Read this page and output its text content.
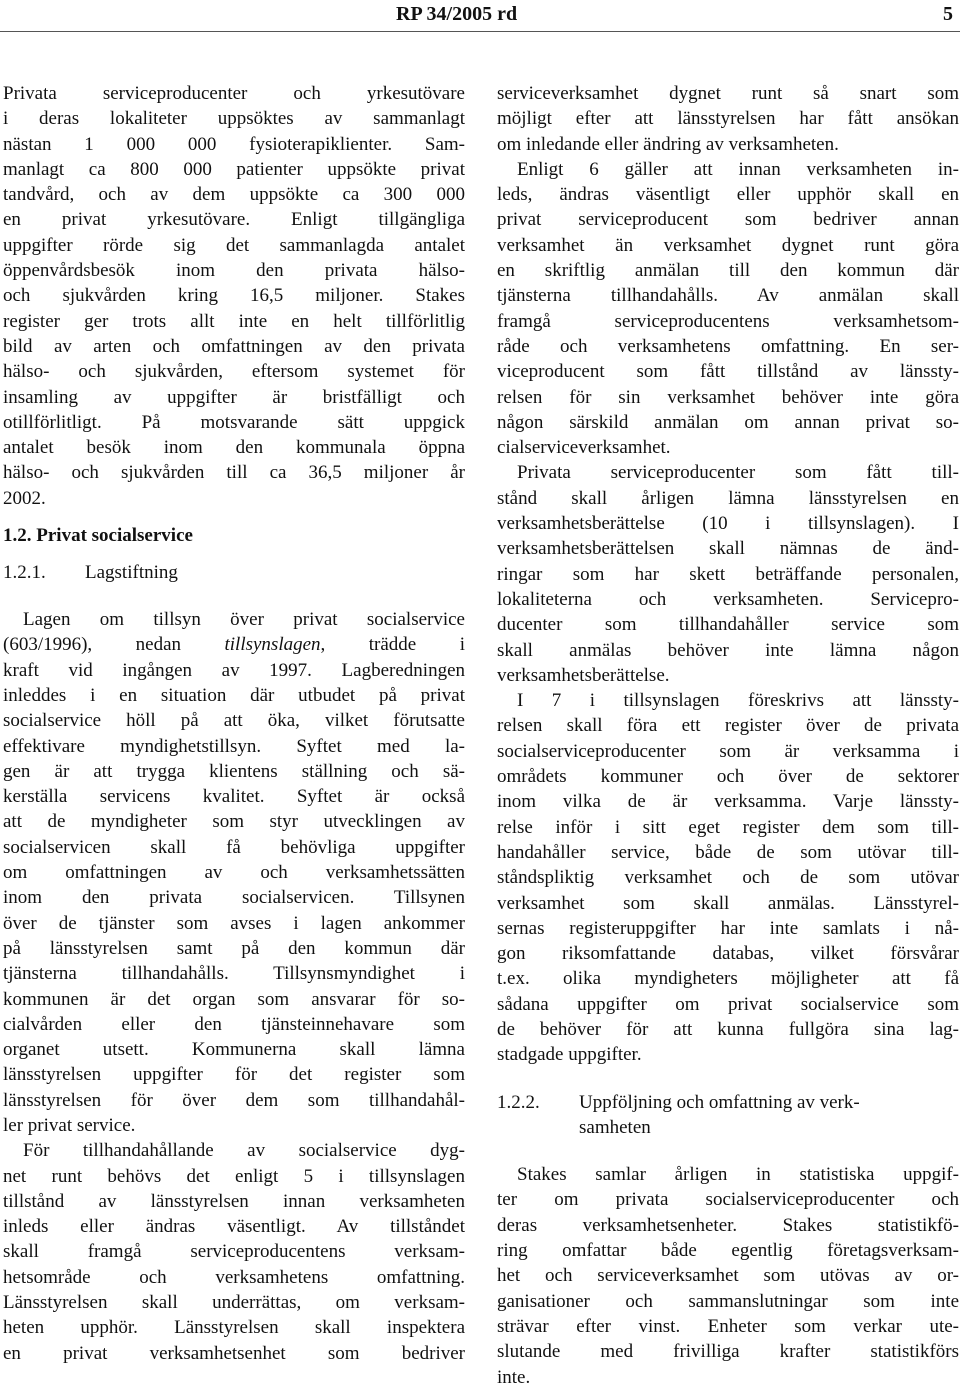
RP 34/2005 rd	5
Privata serviceproducenter och yrkesutövare
i deras lokaliteter uppsöktes av sammanlagt
nästan 1 000 000 fysioterapiklienter. Sam-
manlagt ca 800 000 patienter uppsökte privat
tandvård, och av dem uppsökte ca 300 000
en privat yrkesutövare. Enligt tillgängliga
uppgifter rörde sig det sammanlagda antalet
öppenvårdsbesök inom den privata hälso-
och sjukvården kring 16,5 miljoner. Stakes
register ger trots allt inte en helt tillförlitlig
bild av arten och omfattningen av den privata
hälso- och sjukvården, eftersom systemet för
insamling av uppgifter är bristfälligt och
otillförlitligt. På motsvarande sätt uppgick
antalet besök inom den kommunala öppna
hälso- och sjukvården till ca 36,5 miljoner år
2002.
1.2. Privat socialservice
1.2.1. Lagstiftning
Lagen om tillsyn över privat socialservice
(603/1996), nedan tillsynslagen, trädde i
kraft vid ingången av 1997. Lagberedningen
inleddes i en situation där utbudet på privat
socialservice höll på att öka, vilket förutsatte
effektivare myndighetstillsyn. Syftet med la-
gen är att trygga klientens ställning och sä-
kerställa servicens kvalitet. Syftet är också
att de myndigheter som styr utvecklingen av
socialservicen skall få behövliga uppgifter
om omfattningen av och verksamhetssätten
inom den privata socialservicen. Tillsynen
över de tjänster som avses i lagen ankommer
på länsstyrelsen samt på den kommun där
tjänsterna tillhandahålls. Tillsynsmyndighet i
kommunen är det organ som ansvarar för so-
cialvården eller den tjänsteinnehavare som
organet utsett. Kommunerna skall lämna
länsstyrelsen uppgifter för det register som
länsstyrelsen för över dem som tillhandahål-
ler privat service.
För tillhandahållande av socialservice dyg-
net runt behövs det enligt 5 i tillsynslagen
tillstånd av länsstyrelsen innan verksamheten
inleds eller ändras väsentligt. Av tillståndet
skall framgå serviceproducentens verksam-
hetsområde och verksamhetens omfattning.
Länsstyrelsen skall underrättas, om verksam-
heten upphör. Länsstyrelsen skall inspektera
en privat verksamhetsenhet som bedriver
serviceverksamhet dygnet runt så snart som
möjligt efter att länsstyrelsen har fått ansökan
om inledande eller ändring av verksamheten.
Enligt 6 gäller att innan verksamheten in-
leds, ändras väsentligt eller upphör skall en
privat serviceproducent som bedriver annan
verksamhet än verksamhet dygnet runt göra
en skriftlig anmälan till den kommun där
tjänsterna tillhandahålls. Av anmälan skall
framgå serviceproducentens verksamhetsom-
råde och verksamhetens omfattning. En ser-
viceproducent som fått tillstånd av länssty-
relsen för sin verksamhet behöver inte göra
någon särskild anmälan om annan privat so-
cialserviceverksamhet.
Privata serviceproducenter som fått till-
stånd skall årligen lämna länsstyrelsen en
verksamhetsberättelse (10 i tillsynslagen). I
verksamhetsberättelsen skall nämnas de änd-
ringar som har skett beträffande personalen,
lokaliteterna och verksamheten. Servicepro-
ducenter som tillhandahåller service som
skall anmälas behöver inte lämna någon
verksamhetsberättelse.
I 7 i tillsynslagen föreskrivs att länssty-
relsen skall föra ett register över de privata
socialserviceproducenter som är verksamma i
områdets kommuner och över de sektorer
inom vilka de är verksamma. Varje länssty-
relse inför i sitt eget register dem som till-
handahåller service, både de som utövar till-
ståndspliktig verksamhet och de som utövar
verksamhet som skall anmälas. Länsstyrel-
sernas registeruppgifter har inte samlats i nå-
gon riksomfattande databas, vilket försvårar
t.ex. olika myndigheters möjligheter att få
sådana uppgifter om privat socialservice som
de behöver för att kunna fullgöra sina lag-
stadgade uppgifter.
1.2.2.	Uppföljning och omfattning av verk-
samheten
Stakes samlar årligen in statistiska uppgif-
ter om privata socialserviceproducenter och
deras verksamhetsenheter. Stakes statistikfö-
ring omfattar både egentlig företagsverksam-
het och serviceverksamhet som utövas av or-
ganisationer och sammanslutningar som inte
strävar efter vinst. Enheter som verkar ute-
slutande med frivilliga krafter statistikförs
inte.
